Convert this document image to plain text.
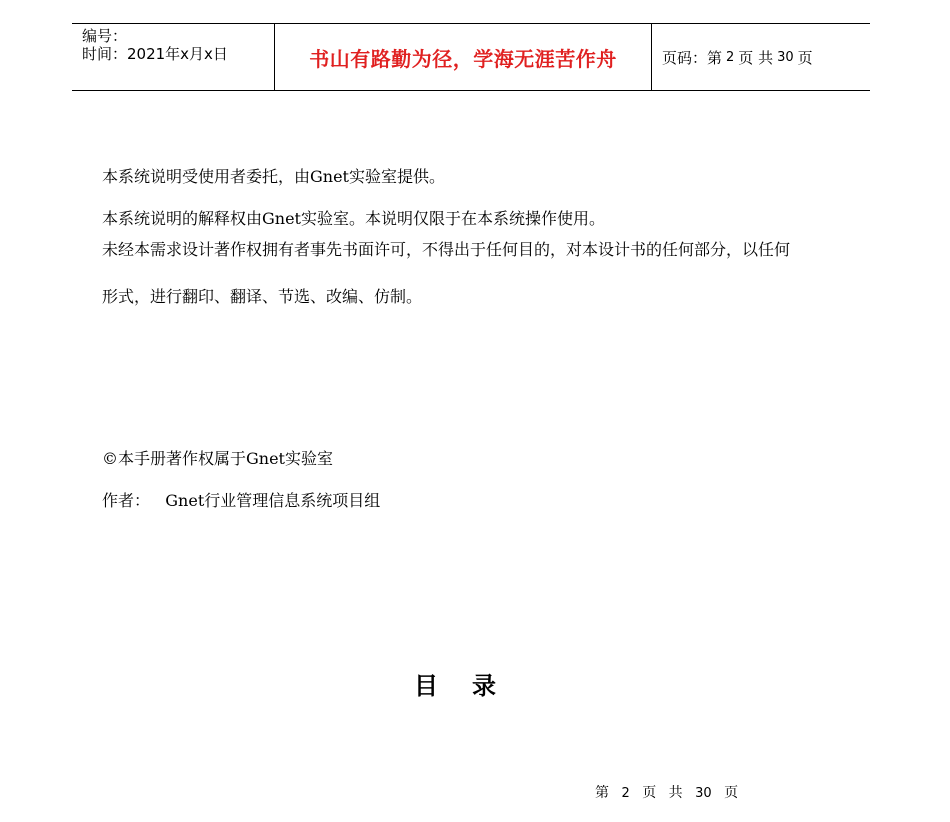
编号：
时间：2021年x月x日	书山有路勤为径，学海无涯苦作舟	页码：第 2 页 共 30 页
本系统说明受使用者委托，由Gnet实验室提供。
本系统说明的解释权由Gnet实验室。本说明仅限于在本系统操作使用。
未经本需求设计著作权拥有者事先书面许可，不得出于任何目的，对本设计书的任何部分，以任何
形式，进行翻印、翻译、节选、改编、仿制。
©本手册著作权属于Gnet实验室
作者：   Gnet行业管理信息系统项目组
目录
第 2 页 共 30 页
